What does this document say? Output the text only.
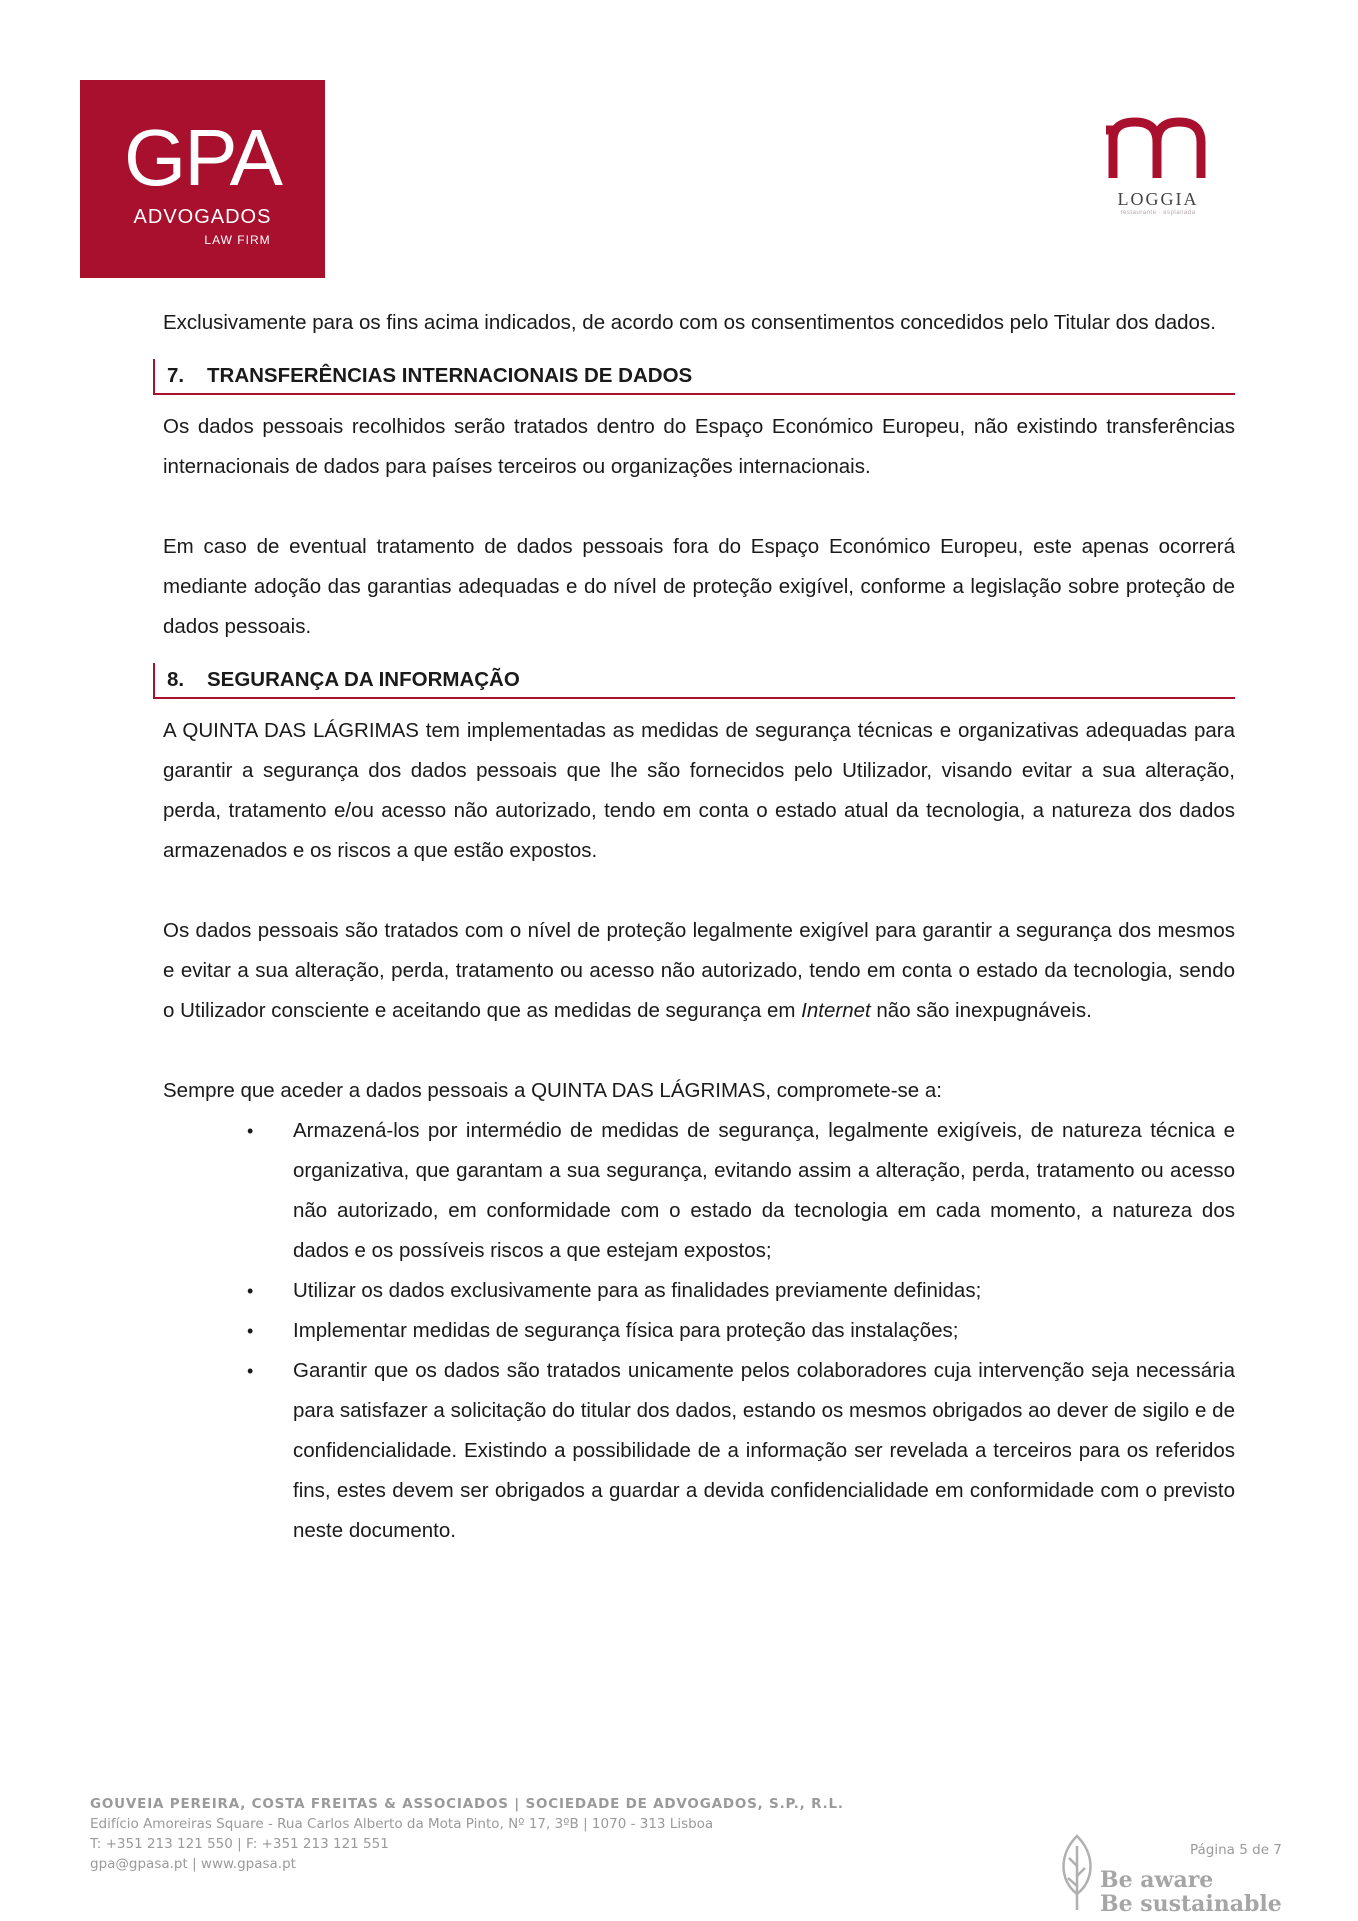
GPA
ADVOGADOS
LAW FIRM
LOGGIA
restaurante · esplanada

Exclusivamente para os fins acima indicados, de acordo com os consentimentos concedidos pelo Titular dos dados.

7. TRANSFERÊNCIAS INTERNACIONAIS DE DADOS

Os dados pessoais recolhidos serão tratados dentro do Espaço Económico Europeu, não existindo transferências internacionais de dados para países terceiros ou organizações internacionais.

Em caso de eventual tratamento de dados pessoais fora do Espaço Económico Europeu, este apenas ocorrerá mediante adoção das garantias adequadas e do nível de proteção exigível, conforme a legislação sobre proteção de dados pessoais.

8. SEGURANÇA DA INFORMAÇÃO

A QUINTA DAS LÁGRIMAS tem implementadas as medidas de segurança técnicas e organizativas adequadas para garantir a segurança dos dados pessoais que lhe são fornecidos pelo Utilizador, visando evitar a sua alteração, perda, tratamento e/ou acesso não autorizado, tendo em conta o estado atual da tecnologia, a natureza dos dados armazenados e os riscos a que estão expostos.

Os dados pessoais são tratados com o nível de proteção legalmente exigível para garantir a segurança dos mesmos e evitar a sua alteração, perda, tratamento ou acesso não autorizado, tendo em conta o estado da tecnologia, sendo o Utilizador consciente e aceitando que as medidas de segurança em Internet não são inexpugnáveis.

Sempre que aceder a dados pessoais a QUINTA DAS LÁGRIMAS, compromete-se a:

• Armazená-los por intermédio de medidas de segurança, legalmente exigíveis, de natureza técnica e organizativa, que garantam a sua segurança, evitando assim a alteração, perda, tratamento ou acesso não autorizado, em conformidade com o estado da tecnologia em cada momento, a natureza dos dados e os possíveis riscos a que estejam expostos;
• Utilizar os dados exclusivamente para as finalidades previamente definidas;
• Implementar medidas de segurança física para proteção das instalações;
• Garantir que os dados são tratados unicamente pelos colaboradores cuja intervenção seja necessária para satisfazer a solicitação do titular dos dados, estando os mesmos obrigados ao dever de sigilo e de confidencialidade. Existindo a possibilidade de a informação ser revelada a terceiros para os referidos fins, estes devem ser obrigados a guardar a devida confidencialidade em conformidade com o previsto neste documento.
GOUVEIA PEREIRA, COSTA FREITAS & ASSOCIADOS | SOCIEDADE DE ADVOGADOS, S.P., R.L.
Edifício Amoreiras Square - Rua Carlos Alberto da Mota Pinto, Nº 17, 3ºB | 1070 - 313 Lisboa
T: +351 213 121 550 | F: +351 213 121 551
gpa@gpasa.pt | www.gpasa.pt
Be aware
Be sustainable
Página 5 de 7
